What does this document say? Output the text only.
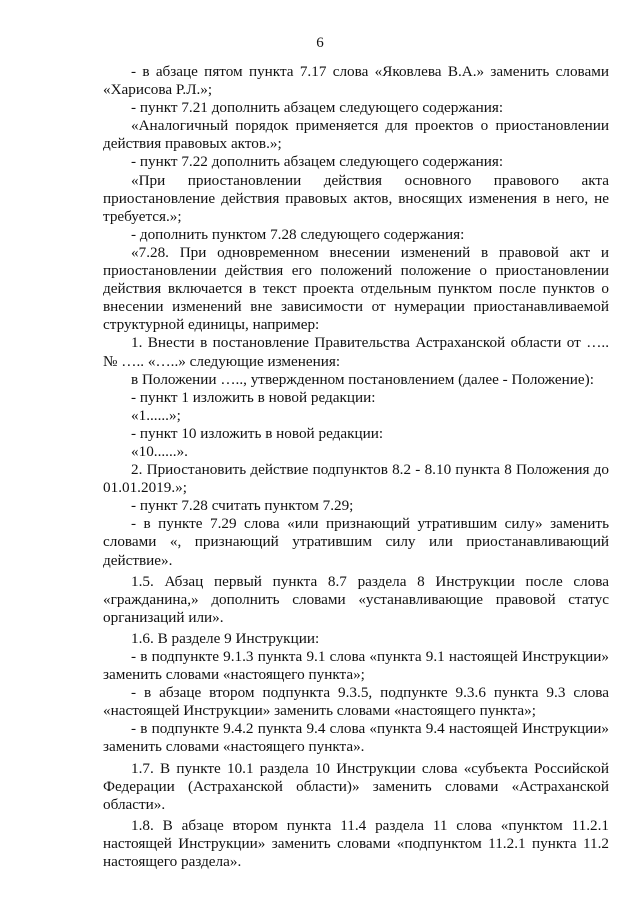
6

- в абзаце пятом пункта 7.17 слова «Яковлева В.А.» заменить словами «Харисова Р.Л.»;

- пункт 7.21 дополнить абзацем следующего содержания:

«Аналогичный порядок применяется для проектов о приостановлении действия правовых актов.»;

- пункт 7.22 дополнить абзацем следующего содержания:

«При приостановлении действия основного правового акта приостановление действия правовых актов, вносящих изменения в него, не требуется.»;

- дополнить пунктом 7.28 следующего содержания:

«7.28. При одновременном внесении изменений в правовой акт и приостановлении действия его положений положение о приостановлении действия включается в текст проекта отдельным пунктом после пунктов о внесении изменений вне зависимости от нумерации приостанавливаемой структурной единицы, например:

1. Внести в постановление Правительства Астраханской области от ….. № ….. «…..» следующие изменения:

в Положении ….., утвержденном постановлением (далее - Положение):

- пункт 1 изложить в новой редакции:

«1......»;

- пункт 10 изложить в новой редакции:

«10......».

2. Приостановить действие подпунктов 8.2 - 8.10 пункта 8 Положения до 01.01.2019.»;

- пункт 7.28 считать пунктом 7.29;

- в пункте 7.29 слова «или признающий утратившим силу» заменить словами «, признающий утратившим силу или приостанавливающий действие».

1.5. Абзац первый пункта 8.7 раздела 8 Инструкции после слова «гражданина,» дополнить словами «устанавливающие правовой статус организаций или».

1.6. В разделе 9 Инструкции:

- в подпункте 9.1.3 пункта 9.1 слова «пункта 9.1 настоящей Инструкции» заменить словами «настоящего пункта»;

- в абзаце втором подпункта 9.3.5, подпункте 9.3.6 пункта 9.3 слова «настоящей Инструкции» заменить словами «настоящего пункта»;

- в подпункте 9.4.2 пункта 9.4 слова «пункта 9.4 настоящей Инструкции» заменить словами «настоящего пункта».

1.7. В пункте 10.1 раздела 10 Инструкции слова «субъекта Российской Федерации (Астраханской области)» заменить словами «Астраханской области».

1.8. В абзаце втором пункта 11.4 раздела 11 слова «пунктом 11.2.1 настоящей Инструкции» заменить словами «подпунктом 11.2.1 пункта 11.2 настоящего раздела».
